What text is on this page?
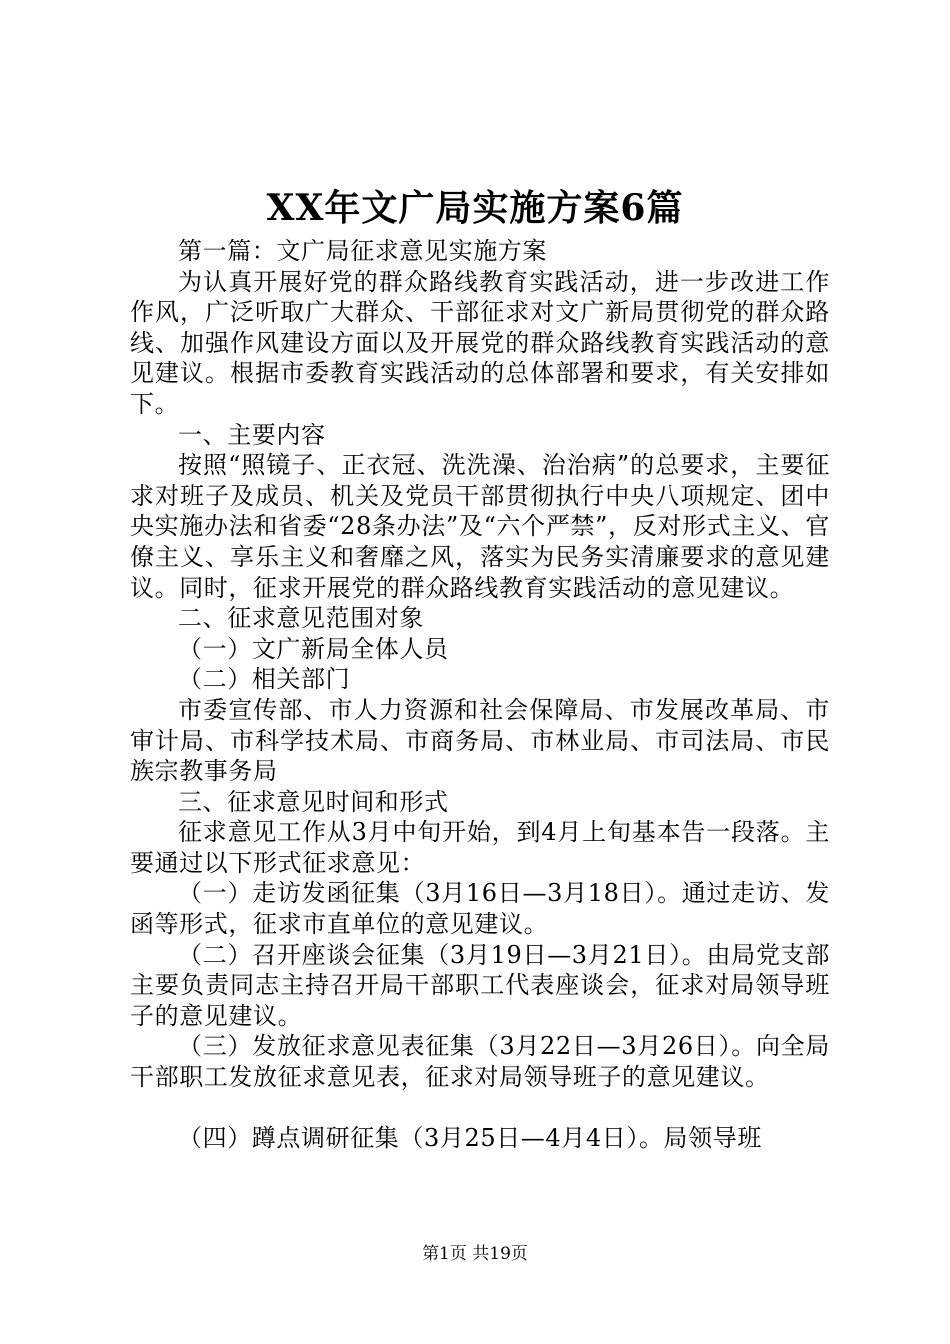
XX年文广局实施方案6篇

第一篇：文广局征求意见实施方案

为认真开展好党的群众路线教育实践活动，进一步改进工作作风，广泛听取广大群众、干部征求对文广新局贯彻党的群众路线、加强作风建设方面以及开展党的群众路线教育实践活动的意见建议。根据市委教育实践活动的总体部署和要求，有关安排如下。

一、主要内容

按照“照镜子、正衣冠、洗洗澡、治治病”的总要求，主要征求对班子及成员、机关及党员干部贯彻执行中央八项规定、团中央实施办法和省委“28条办法”及“六个严禁”，反对形式主义、官僚主义、享乐主义和奢靡之风，落实为民务实清廉要求的意见建议。同时，征求开展党的群众路线教育实践活动的意见建议。

二、征求意见范围对象

（一）文广新局全体人员

（二）相关部门

市委宣传部、市人力资源和社会保障局、市发展改革局、市审计局、市科学技术局、市商务局、市林业局、市司法局、市民族宗教事务局

三、征求意见时间和形式

征求意见工作从3月中旬开始，到4月上旬基本告一段落。主要通过以下形式征求意见：

（一）走访发函征集（3月16日—3月18日）。通过走访、发函等形式，征求市直单位的意见建议。

（二）召开座谈会征集（3月19日—3月21日）。由局党支部主要负责同志主持召开局干部职工代表座谈会，征求对局领导班子的意见建议。

（三）发放征求意见表征集（3月22日—3月26日）。向全局干部职工发放征求意见表，征求对局领导班子的意见建议。

（四）蹲点调研征集（3月25日—4月4日）。局领导班

第1页 共19页
